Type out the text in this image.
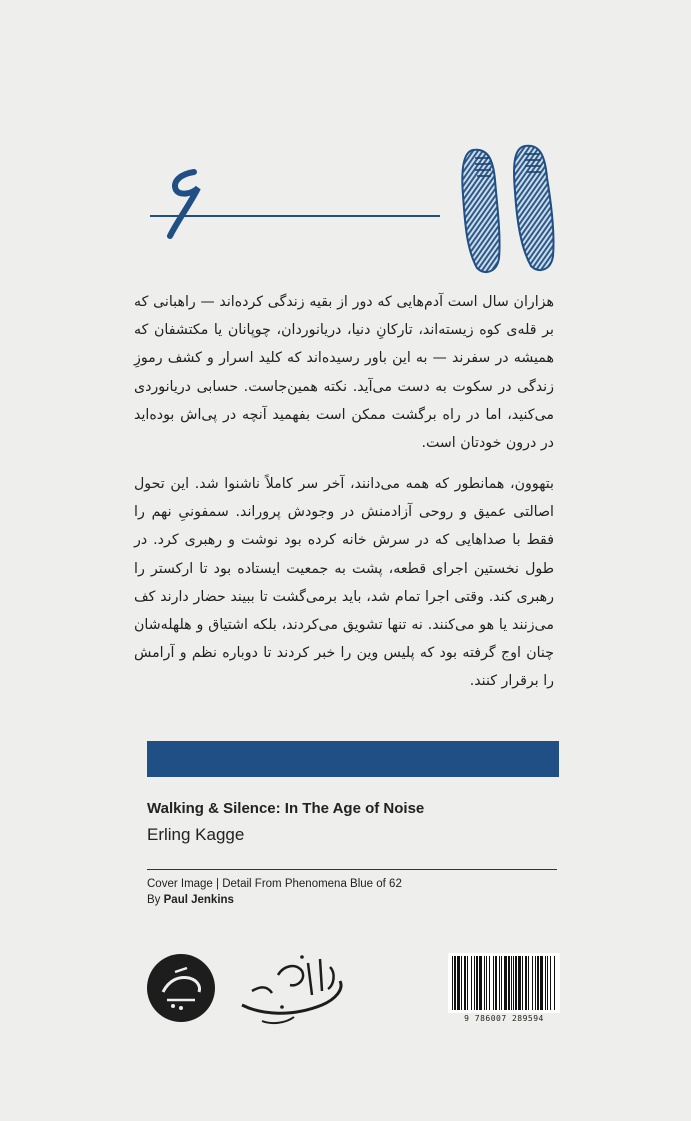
هزاران سال است آدم‌هایی که دور از بقیه زندگی کرده‌اند — راهبانی که بر قله‌ی کوه زیسته‌اند، تارکانِ دنیا، دریانوردان، چوپانان یا مکتشفان که همیشه در سفرند — به این باور رسیده‌اند که کلید اسرار و کشف رموزِ زندگی در سکوت به دست می‌آید. نکته همین‌جاست. حسابی دریانوردی می‌کنید، اما در راه برگشت ممکن است بفهمید آنچه در پی‌اش بوده‌اید در درون خودتان است.
بتهوون، همانطور که همه می‌دانند، آخر سر کاملاً ناشنوا شد. این تحول اصالتی عمیق و روحی آزادمنش در وجودش پروراند. سمفونیِ نهم را فقط با صداهایی که در سرش خانه کرده بود نوشت و رهبری کرد. در طول نخستین اجرای قطعه، پشت به جمعیت ایستاده بود تا ارکستر را رهبری کند. وقتی اجرا تمام شد، باید برمی‌گشت تا ببیند حضار دارند کف می‌زنند یا هو می‌کنند. نه تنها تشویق می‌کردند، بلکه اشتیاق و هلهله‌شان چنان اوج گرفته بود که پلیس وین را خبر کردند تا دوباره نظم و آرامش را برقرار کنند.
Walking & Silence: In The Age of Noise
Erling Kagge
Cover Image | Detail From Phenomena Blue of 62
By Paul Jenkins
9 786007 289594
